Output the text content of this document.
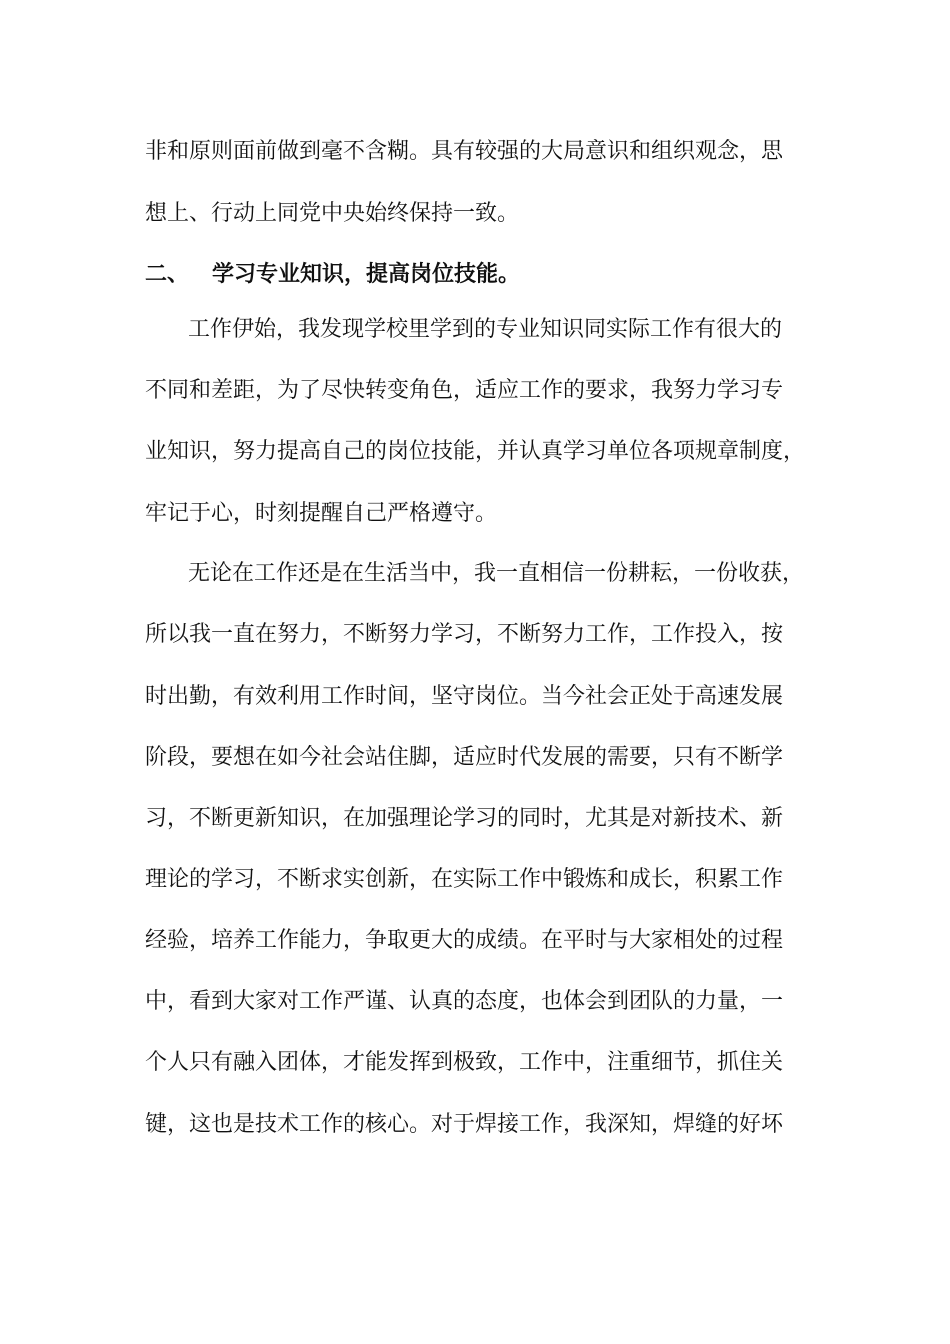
非和原则面前做到毫不含糊。具有较强的大局意识和组织观念，思
想上、行动上同党中央始终保持一致。
二、 学习专业知识，提高岗位技能。
工作伊始，我发现学校里学到的专业知识同实际工作有很大的
不同和差距，为了尽快转变角色，适应工作的要求，我努力学习专
业知识，努力提高自己的岗位技能，并认真学习单位各项规章制度，
牢记于心，时刻提醒自己严格遵守。
无论在工作还是在生活当中，我一直相信一份耕耘，一份收获，
所以我一直在努力，不断努力学习，不断努力工作，工作投入，按
时出勤，有效利用工作时间，坚守岗位。当今社会正处于高速发展
阶段，要想在如今社会站住脚，适应时代发展的需要，只有不断学
习，不断更新知识，在加强理论学习的同时，尤其是对新技术、新
理论的学习，不断求实创新，在实际工作中锻炼和成长，积累工作
经验，培养工作能力，争取更大的成绩。在平时与大家相处的过程
中，看到大家对工作严谨、认真的态度，也体会到团队的力量，一
个人只有融入团体，才能发挥到极致，工作中，注重细节，抓住关
键，这也是技术工作的核心。对于焊接工作，我深知，焊缝的好坏
